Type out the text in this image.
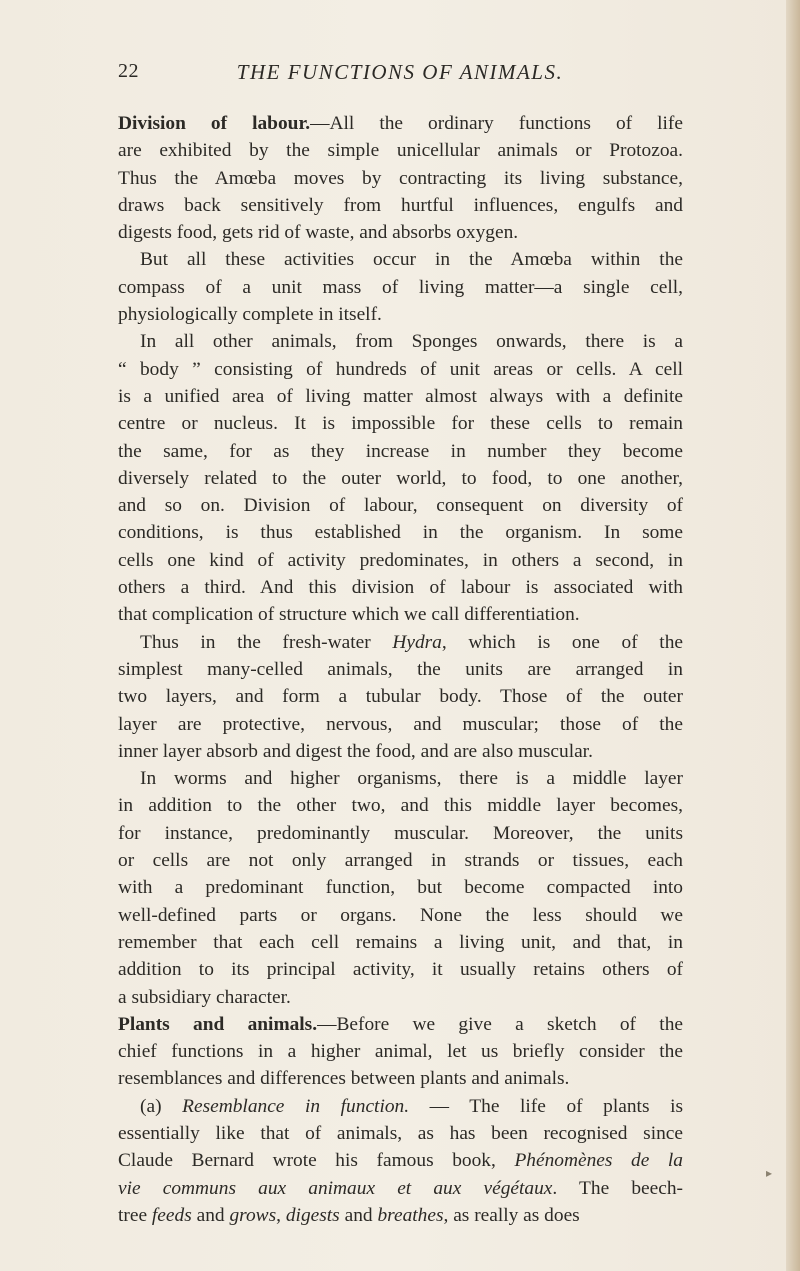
22	THE FUNCTIONS OF ANIMALS.
Division of labour.—All the ordinary functions of life
are exhibited by the simple unicellular animals or Protozoa.
Thus the Amœba moves by contracting its living substance,
draws back sensitively from hurtful influences, engulfs and
digests food, gets rid of waste, and absorbs oxygen.
But all these activities occur in the Amœba within the
compass of a unit mass of living matter—a single cell,
physiologically complete in itself.
In all other animals, from Sponges onwards, there is a
“ body ” consisting of hundreds of unit areas or cells. A cell
is a unified area of living matter almost always with a definite
centre or nucleus. It is impossible for these cells to remain
the same, for as they increase in number they become
diversely related to the outer world, to food, to one another,
and so on. Division of labour, consequent on diversity of
conditions, is thus established in the organism. In some
cells one kind of activity predominates, in others a second, in
others a third. And this division of labour is associated with
that complication of structure which we call differentiation.
Thus in the fresh-water Hydra, which is one of the
simplest many-celled animals, the units are arranged in
two layers, and form a tubular body. Those of the outer
layer are protective, nervous, and muscular; those of the
inner layer absorb and digest the food, and are also muscular.
In worms and higher organisms, there is a middle layer
in addition to the other two, and this middle layer becomes,
for instance, predominantly muscular. Moreover, the units
or cells are not only arranged in strands or tissues, each
with a predominant function, but become compacted into
well-defined parts or organs. None the less should we
remember that each cell remains a living unit, and that, in
addition to its principal activity, it usually retains others of
a subsidiary character.
Plants and animals.—Before we give a sketch of the
chief functions in a higher animal, let us briefly consider the
resemblances and differences between plants and animals.
(a) Resemblance in function. — The life of plants is
essentially like that of animals, as has been recognised since
Claude Bernard wrote his famous book, Phénomènes de la
vie communs aux animaux et aux végétaux. The beech-
tree feeds and grows, digests and breathes, as really as does
▸
